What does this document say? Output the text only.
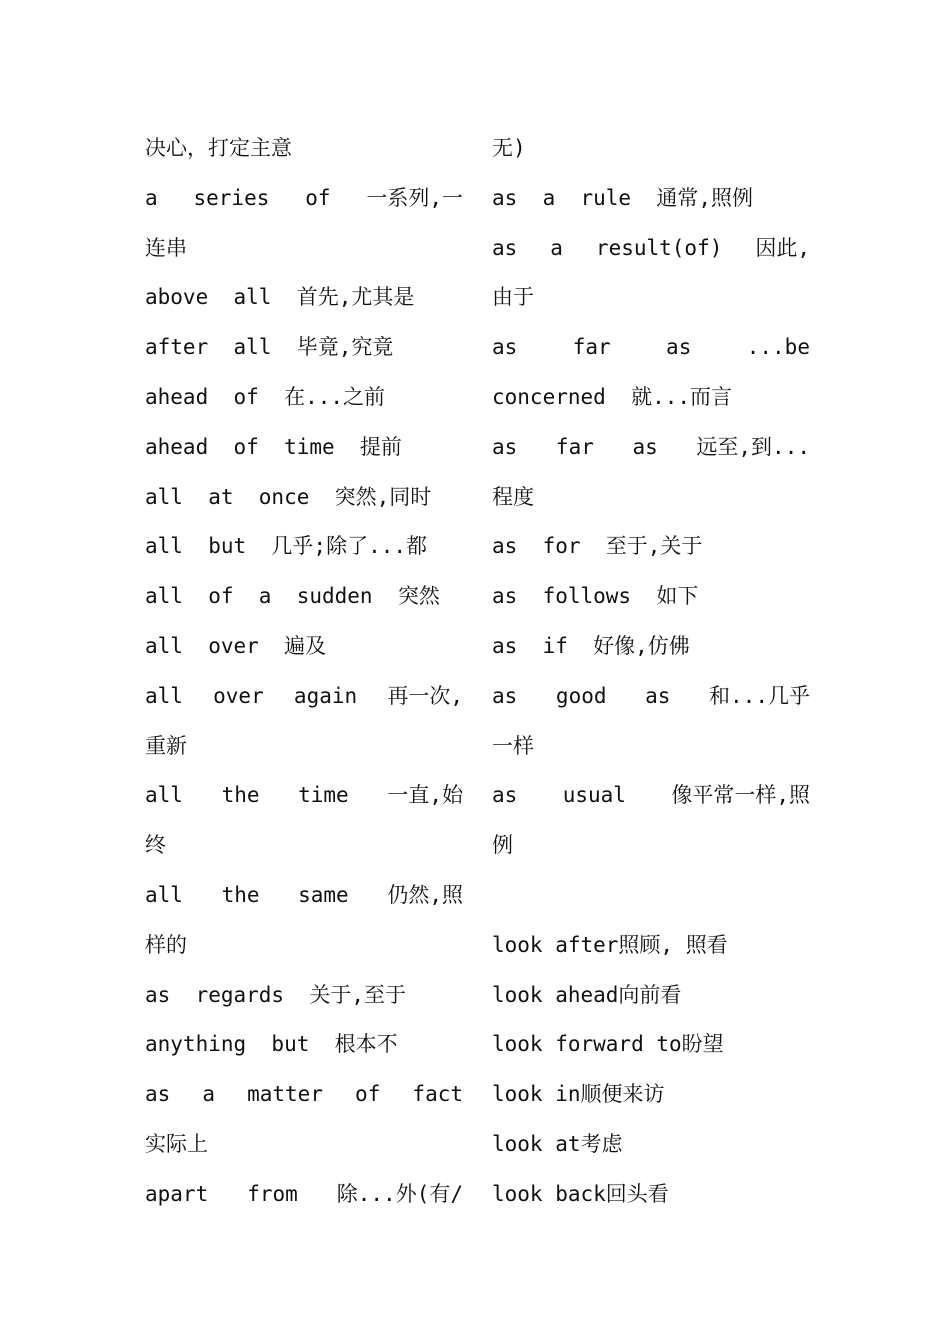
决心，打定主意
a series of 一系列,一
连串
above  all  首先,尤其是
after  all  毕竟,究竟
ahead  of  在...之前
ahead  of  time  提前
all  at  once  突然,同时
all  but  几乎;除了...都
all  of  a  sudden  突然
all  over  遍及
all over again 再一次,
重新
all the time 一直,始
终
all the same 仍然,照
样的
as  regards  关于,至于
anything  but  根本不
as a matter of fact
实际上
apart from 除...外(有/
无)
as  a  rule  通常,照例
as a result(of) 因此,
由于
as	far	as	...be
concerned  就...而言
as far as 远至,到...
程度
as  for  至于,关于
as  follows  如下
as  if  好像,仿佛
as good as 和...几乎
一样
as usual 像平常一样,照
例
look after照顾, 照看
look ahead向前看
look forward to盼望
look in顺便来访
look at考虑
look back回头看
